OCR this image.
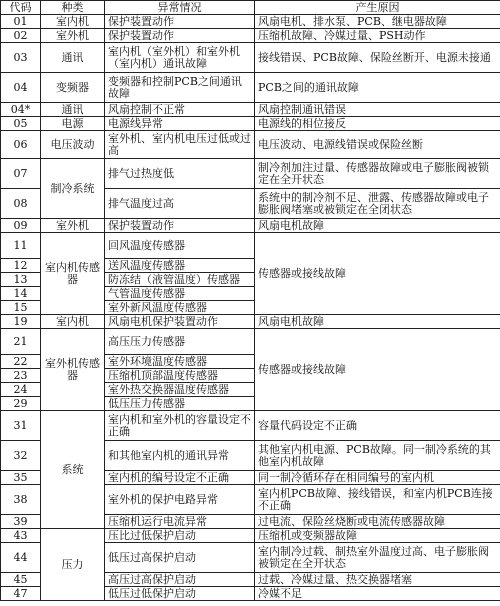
代码	种类	异常情况	产生原因
01	室内机	保护装置动作	风扇电机、排水泵、PCB、继电器故障
02	室外机	保护装置动作	压缩机故障、冷媒过量、PSH动作
03	通讯	室内机（室外机）和室外机（室内机）通讯故障	接线错误、PCB故障、保险丝断开、电源未接通
04	变频器	变频器和控制PCB之间通讯故障	PCB之间的通讯故障
04*	通讯	风扇控制不正常	风扇控制通讯错误
05	电源	电源线异常	电源线的相位接反
06	电压波动	室外机、室内机电压过低或过高	电压波动、电源线错误或保险丝断
07	制冷系统	排气过热度低	制冷剂加注过量、传感器故障或电子膨胀阀被锁定在全开状态
08		排气温度过高	系统中的制冷剂不足、泄露、传感器故障或电子膨胀阀堵塞或被锁定在全闭状态
09	室外机	保护装置动作	风扇电机故障
11	室内机传感器	回风温度传感器	传感器或接线故障
12		送风温度传感器	
13		防冻结（液管温度）传感器	
14		气管温度传感器	
15		室外新风温度传感器	
19	室内机	风扇电机保护装置动作	风扇电机故障
21	室外机传感器	高压压力传感器	传感器或接线故障
22		室外环境温度传感器	
23		压缩机顶部温度传感器	
24		室外热交换器温度传感器	
29		低压压力传感器	
31	系统	室内机和室外机的容量设定不正确	容量代码设定不正确
32		和其他室内机的通讯异常	其他室内机电源、PCB故障。同一制冷系统的其他室内机故障
35		室内机的编号设定不正确	同一制冷循环存在相同编号的室内机
38		室外机的保护电路异常	室内机PCB故障、接线错误，和室内机PCB连接不正确
39		压缩机运行电流异常	过电流、保险丝烧断或电流传感器故障
43	压力	压比过低保护启动	压缩机或变频器故障
44		低压过高保护启动	室内制冷过载、制热室外温度过高、电子膨胀阀被锁定在全开状态
45		高压过高保护启动	过载、冷媒过量、热交换器堵塞
47		低压过低保护启动	冷媒不足
